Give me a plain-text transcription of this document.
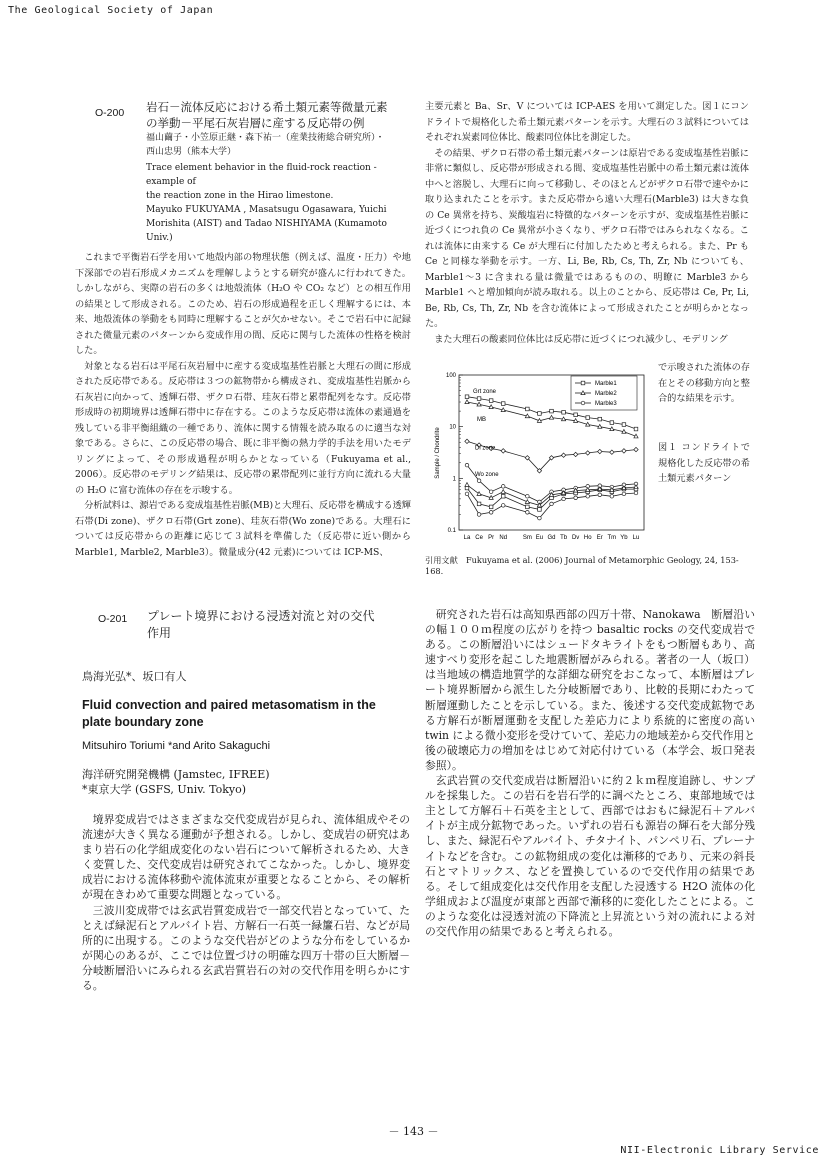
The Geological Society of Japan
O-200 岩石－流体反応における希土類元素等微量元素
の挙動－平尾石灰岩層に産する反応帯の例
福山繭子・小笠原正継・森下祐一（産業技術総合研究所）・
西山忠男（熊本大学）
Trace element behavior in the fluid-rock reaction - example of
the reaction zone in the Hirao limestone.
Mayuko FUKUYAMA , Masatsugu Ogasawara, Yuichi
Morishita (AIST) and Tadao NISHIYAMA (Kumamoto Univ.)

これまで平衡岩石学を用いて地殻内部の物理状態（例えば、温度・圧力）や地下深部での岩石形成メカニズムを理解しようとする研究が盛んに行われてきた。しかしながら、実際の岩石の多くは地殻流体（H₂O や CO₂ など）との相互作用の結果として形成される。このため、岩石の形成過程を正しく理解するには、本来、地殻流体の挙動をも同時に理解することが欠かせない。そこで岩石中に記録された微量元素のパターンから変成作用の間、反応に関与した流体の性格を検討した。

対象となる岩石は平尾石灰岩層中に産する変成塩基性岩脈と大理石の間に形成された反応帯である。反応帯は３つの鉱物帯から構成され、変成塩基性岩脈から石灰岩に向かって、透輝石帯、ザクロ石帯、珪灰石帯と累帯配列をなす。反応帯形成時の初期境界は透輝石帯中に存在する。このような反応帯は流体の素通過を残している非平衡組織の一種であり、流体に関する情報を読み取るのに適当な対象である。さらに、この反応帯の場合、既に非平衡の熱力学的手法を用いたモデリングによって、その形成過程が明らかとなっている（Fukuyama et al., 2006）。反応帯のモデリング結果は、反応帯の累帯配列に並行方向に流れる大量の H₂O に富む流体の存在を示唆する。

分析試料は、源岩である変成塩基性岩脈(MB)と大理石、反応帯を構成する透輝石帯(Di zone)、ザクロ石帯(Grt zone)、珪灰石帯(Wo zone)である。大理石については反応帯からの距離に応じて３試料を準備した（反応帯に近い側から Marble1, Marble2, Marble3）。微量成分(42 元素)については ICP-MS、

主要元素と Ba、Sr、V については ICP-AES を用いて測定した。図１にコンドライトで規格化した希土類元素パターンを示す。大理石の３試料については それぞれ炭素同位体比、酸素同位体比を測定した。

その結果、ザクロ石帯の希土類元素パターンは原岩である変成塩基性岩脈に非常に類似し、反応帯が形成される間、変成塩基性岩脈中の希土類元素は流体中へと溶脱し、大理石に向って移動し、そのほとんどがザクロ石帯で速やかに取り込まれたことを示す。また反応帯から遠い大理石(Marble3) は大きな負の Ce 異常を持ち、炭酸塩岩に特徴的なパターンを示すが、変成塩基性岩脈に近づくにつれ負の Ce 異常が小さくなり、ザクロ石帯ではみられなくなる。これは流体に由来する Ce が大理石に付加したためと考えられる。また、Pr も Ce と同様な挙動を示す。一方、Li, Be, Rb, Cs, Th, Zr, Nb についても、Marble1～3 に含まれる量は微量ではあるものの、明瞭に Marble3 から Marble1 へと増加傾向が読み取れる。以上のことから、反応帯は Ce, Pr, Li, Be, Rb, Cs, Th, Zr, Nb を含む流体によって形成されたことが明らかとなった。

また大理石の酸素同位体比は反応帯に近づくにつれ減少し、モデリング

で示唆された流体の存在とその移動方向と整合的な結果を示す。

100
10
1
0.1
Sample / Chondrite
La Ce Pr Nd	Sm Eu Gd Tb Dv Ho Er Tm Yb Lu
Grt zone
MB
Di zone
Wo zone
Marble1
Marble2
Marble3

図１ コンドライトで規格化した反応帯の希土類元素パターン

引用文献　Fukuyama et al. (2006) Journal of Metamorphic Geology, 24, 153-168.
O-201 プレート境界における浸透対流と対の交代
作用
鳥海光弘*、坂口有人
Fluid convection and paired metasomatism in the
plate boundary zone
Mitsuhiro Toriumi *and Arito Sakaguchi
海洋研究開発機構 (Jamstec, IFREE)
*東京大学 (GSFS, Univ. Tokyo)

境界変成岩ではさまざまな交代変成岩が見られ、流体組成やその流速が大きく異なる運動が予想される。しかし、変成岩の研究はあまり岩石の化学組成変化のない岩石について解析されるため、大きく変質した、交代変成岩は研究されてこなかった。しかし、境界変成岩における流体移動や流体流束が重要となることから、その解析が現在きわめて重要な問題となっている。

三波川変成帯では玄武岩質変成岩で一部交代岩となっていて、たとえば緑泥石とアルバイト岩、方解石一石英一緑簾石岩、などが局所的に出現する。このような交代岩がどのような分布をしているかが関心のあるが、ここでは位置づけの明確な四万十帯の巨大断層－分岐断層沿いにみられる玄武岩質岩石の対の交代作用を明らかにする。

研究された岩石は高知県西部の四万十帯、Nanokawa　断層沿いの幅１００ｍ程度の広がりを持つ basaltic rocks の交代変成岩である。この断層沿いにはシュードタキライトをもつ断層もあり、高速すべり変形を起こした地震断層がみられる。著者の一人（坂口）は当地域の構造地質学的な詳細な研究をおこなって、本断層はプレート境界断層から派生した分岐断層であり、比較的長期にわたって断層運動したことを示している。また、後述する交代変成鉱物である方解石が断層運動を支配した差応力により系統的に密度の高い twin による微小変形を受けていて、差応力の地域差から交代作用と後の破壊応力の増加をはじめて対応付けている（本学会、坂口発表参照）。

玄武岩質の交代変成岩は断層沿いに約２ｋｍ程度追跡し、サンプルを採集した。この岩石を岩石学的に調べたところ、東部地域では主として方解石＋石英を主として、西部ではおもに緑泥石＋アルバイトが主成分鉱物であった。いずれの岩石も源岩の輝石を大部分残し、また、緑泥石やアルバイト、チタナイト、パンペリ石、プレーナイトなどを含む。この鉱物組成の変化は漸移的であり、元来の斜長石とマトリックス、などを置換しているので交代作用の結果である。そして組成変化は交代作用を支配した浸透する H2O 流体の化学組成および温度が東部と西部で漸移的に変化したことによる。このような変化は浸透対流の下降流と上昇流という対の流れによる対の交代作用の結果であると考えられる。

－ 143 －
NII-Electronic Library Service
